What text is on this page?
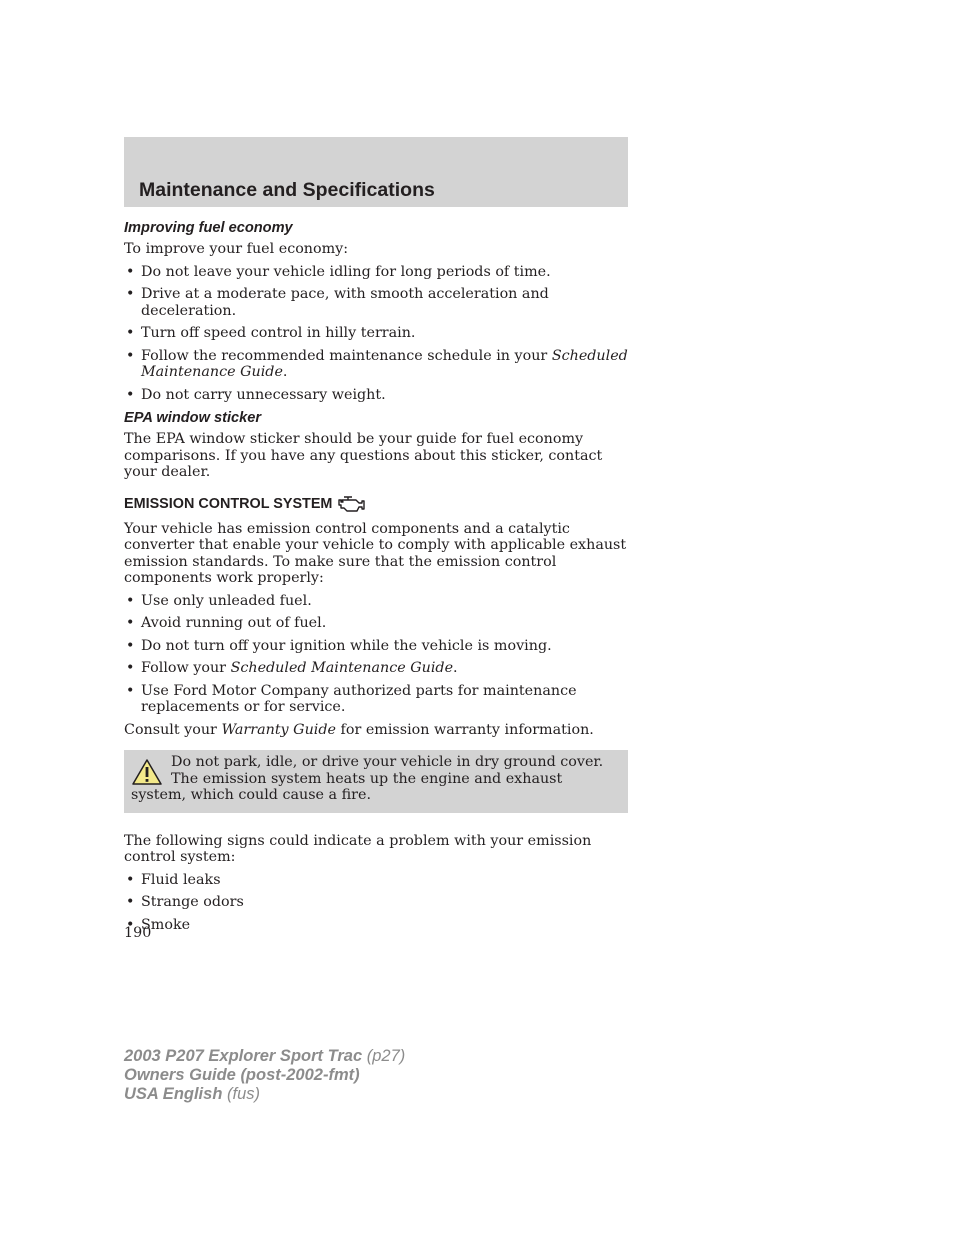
Maintenance and Specifications
Improving fuel economy

To improve your fuel economy:

• Do not leave your vehicle idling for long periods of time.
• Drive at a moderate pace, with smooth acceleration and deceleration.
• Turn off speed control in hilly terrain.
• Follow the recommended maintenance schedule in your Scheduled Maintenance Guide.
• Do not carry unnecessary weight.
EPA window sticker

The EPA window sticker should be your guide for fuel economy comparisons. If you have any questions about this sticker, contact your dealer.

EMISSION CONTROL SYSTEM

Your vehicle has emission control components and a catalytic converter that enable your vehicle to comply with applicable exhaust emission standards. To make sure that the emission control components work properly:

• Use only unleaded fuel.
• Avoid running out of fuel.
• Do not turn off your ignition while the vehicle is moving.
• Follow your Scheduled Maintenance Guide.
• Use Ford Motor Company authorized parts for maintenance replacements or for service.

Consult your Warranty Guide for emission warranty information.

Do not park, idle, or drive your vehicle in dry ground cover. The emission system heats up the engine and exhaust system, which could cause a fire.

The following signs could indicate a problem with your emission control system:

• Fluid leaks
• Strange odors
• Smoke
190
2003 P207 Explorer Sport Trac (p27)
Owners Guide (post-2002-fmt)
USA English (fus)
